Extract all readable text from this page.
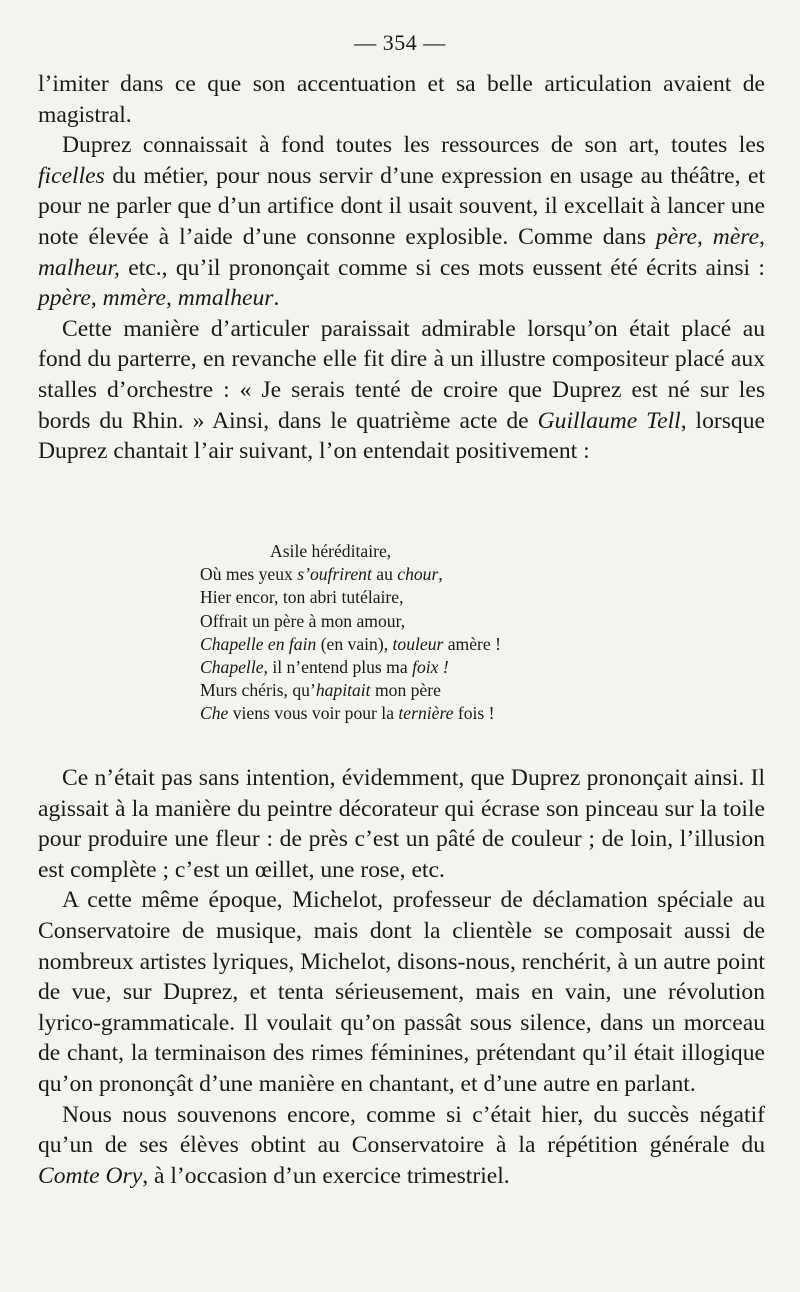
— 354 —

l’imiter dans ce que son accentuation et sa belle articulation avaient de magistral.

Duprez connaissait à fond toutes les ressources de son art, toutes les ficelles du métier, pour nous servir d’une expression en usage au théâtre, et pour ne parler que d’un artifice dont il usait souvent, il excellait à lancer une note élevée à l’aide d’une consonne explosible. Comme dans père, mère, malheur, etc., qu’il prononçait comme si ces mots eussent été écrits ainsi : ppère, mmère, mmalheur.

Cette manière d’articuler paraissait admirable lorsqu’on était placé au fond du parterre, en revanche elle fit dire à un illustre compositeur placé aux stalles d’orchestre : « Je serais tenté de croire que Duprez est né sur les bords du Rhin. » Ainsi, dans le quatrième acte de Guillaume Tell, lorsque Duprez chantait l’air suivant, l’on entendait positivement :

Asile héréditaire,
Où mes yeux s’oufrirent au chour,
Hier encor, ton abri tutélaire,
Offrait un père à mon amour,
Chapelle en fain (en vain), touleur amère !
Chapelle, il n’entend plus ma foix !
Murs chéris, qu’hapitait mon père
Che viens vous voir pour la ternière fois !

Ce n’était pas sans intention, évidemment, que Duprez prononçait ainsi. Il agissait à la manière du peintre décorateur qui écrase son pinceau sur la toile pour produire une fleur : de près c’est un pâté de couleur ; de loin, l’illusion est complète ; c’est un œillet, une rose, etc.

A cette même époque, Michelot, professeur de déclamation spéciale au Conservatoire de musique, mais dont la clientèle se composait aussi de nombreux artistes lyriques, Michelot, disons-nous, renchérit, à un autre point de vue, sur Duprez, et tenta sérieusement, mais en vain, une révolution lyrico-grammaticale. Il voulait qu’on passât sous silence, dans un morceau de chant, la terminaison des rimes féminines, prétendant qu’il était illogique qu’on prononçât d’une manière en chantant, et d’une autre en parlant.

Nous nous souvenons encore, comme si c’était hier, du succès négatif qu’un de ses élèves obtint au Conservatoire à la répétition générale du Comte Ory, à l’occasion d’un exercice trimestriel.
